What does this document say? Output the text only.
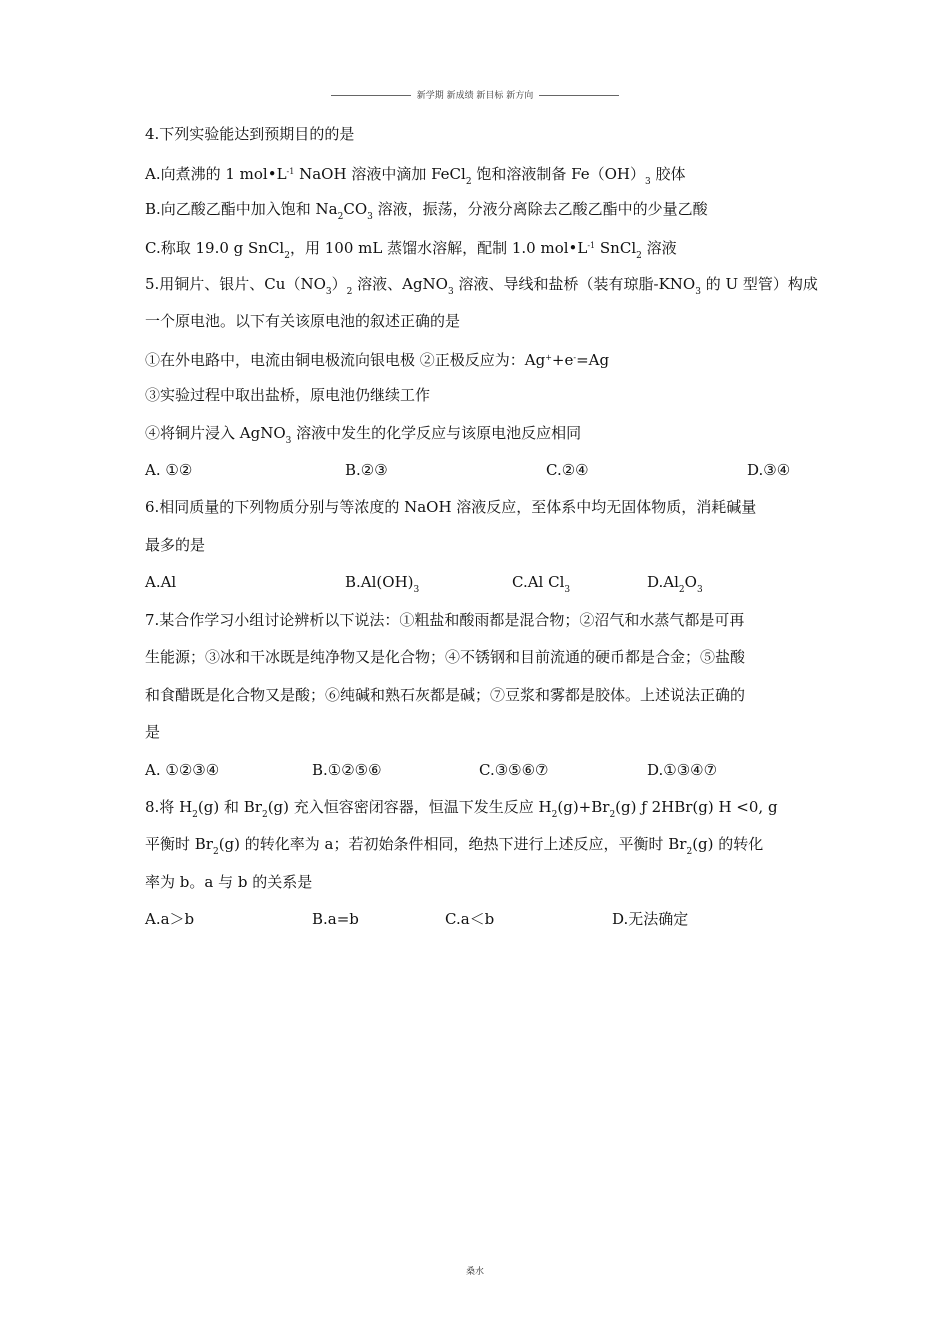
新学期 新成绩 新目标 新方向
4.下列实验能达到预期目的的是
A.向煮沸的 1 $mol•L^{-1}$ NaOH 溶液中滴加 FeCl$_2$ 饱和溶液制备 $Fe(OH)_3$ 胶体
B.向乙酸乙酯中加入饱和 $Na_2CO_3$ 溶液，振荡，分液分离除去乙酸乙酯中的少量乙酸
C.称取 19.0 g SnCl$_2$，用 100 mL 蒸馏水溶解，配制 1.0 $mol•L^{-1}$ SnCl$_2$ 溶液
5.用铜片、银片、$Cu(NO_3)_2$ 溶液、AgNO$_3$ 溶液、导线和盐桥（装有琼脂$-KNO_3$ 的 U 型管）构成
一个原电池。以下有关该原电池的叙述正确的是
①在外电路中，电流由铜电极流向银电极 ②正极反应为：Ag++e-=Ag
③实验过程中取出盐桥，原电池仍继续工作
④将铜片浸入 AgNO$_3$ 溶液中发生的化学反应与该原电池反应相同
A. ①②	B.②③	C.②④	D.③④
6.相同质量的下列物质分别与等浓度的 NaOH 溶液反应，至体系中均无固体物质，消耗碱量
最多的是
A.Al	$B.Al(OH)_3$	C.Al $Cl_3$	$D.Al_2O_3$
7.某合作学习小组讨论辨析以下说法：①粗盐和酸雨都是混合物；②沼气和水蒸气都是可再
生能源；③冰和干冰既是纯净物又是化合物；④不锈钢和目前流通的硬币都是合金；⑤盐酸
和食醋既是化合物又是酸；⑥纯碱和熟石灰都是碱；⑦豆浆和雾都是胶体。上述说法正确的
是
A. ①②③④	B.①②⑤⑥	C.③⑤⑥⑦	D.①③④⑦
8.将 $H_2(g)$ 和 $Br_2(g)$ 充入恒容密闭容器，恒温下发生反应 $H_2(g)+Br_2(g)$ ƒ 2HBr(g) H <0, g
平衡时 $Br_2(g)$ 的转化率为 a；若初始条件相同，绝热下进行上述反应，平衡时 $Br_2(g)$ 的转化
率为 b。a 与 b 的关系是
A.a＞b	B.a=b	C.a＜b	D.无法确定
桑水
